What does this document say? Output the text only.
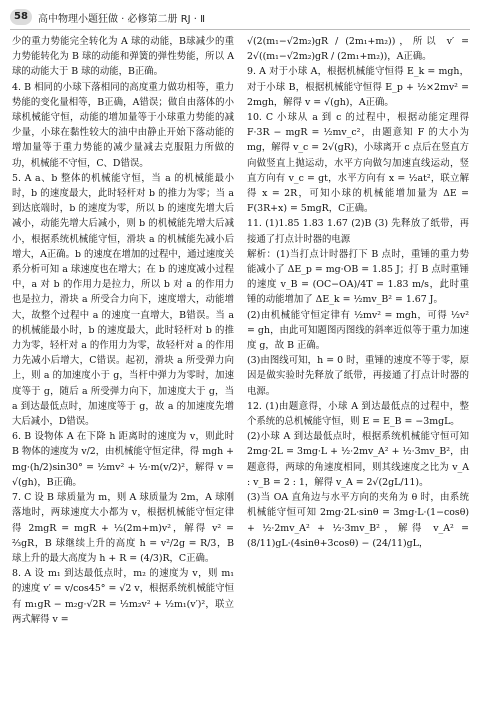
58	高中物理小题狂做 · 必修第二册 RJ · Ⅱ

少的重力势能完全转化为 A 球的动能，B球减少的重力势能转化为 B 球的动能和弹簧的弹性势能，所以 A 球的动能大于 B 球的动能，B正确。

4. B 相同的小球下落相同的高度重力做功相等，重力势能的变化量相等，B正确，A错误；做自由落体的小球机械能守恒，动能的增加量等于小球重力势能的减少量，小球在黏性较大的油中由静止开始下落动能的增加量等于重力势能的减少量减去克服阻力所做的功，机械能不守恒，C、D错误。

5. A a、b 整体的机械能守恒，当 a 的机械能最小时，b 的速度最大，此时轻杆对 b 的推力为零；当 a 到达底端时，b 的速度为零，所以 b 的速度先增大后减小，动能先增大后减小，则 b 的机械能先增大后减小，根据系统机械能守恒，滑块 a 的机械能先减小后增大，A正确。b 的速度在增加的过程中，通过速度关系分析可知 a 球速度也在增大；在 b 的速度减小过程中，a 对 b 的作用力是拉力，所以 b 对 a 的作用力也是拉力，滑块 a 所受合力向下，速度增大，动能增大，故整个过程中 a 的速度一直增大，B错误。当 a 的机械能最小时，b 的速度最大，此时轻杆对 b 的推力为零，轻杆对 a 的作用力为零，故轻杆对 a 的作用力先减小后增大，C错误。起初，滑块 a 所受弹力向上，则 a 的加速度小于 g，当杆中弹力为零时，加速度等于 g，随后 a 所受弹力向下，加速度大于 g，当 a 到达最低点时，加速度等于 g，故 a 的加速度先增大后减小，D错误。

6. B 设物体 A 在下降 h 距离时的速度为 v，则此时 B 物体的速度为 v/2，由机械能守恒定律，得 mgh + mg·(h/2)sin30° = ½mv² + ½·m(v/2)²，解得 v = √(gh)，B正确。

7. C 设 B 球质量为 m，则 A 球质量为 2m，A 球刚落地时，两球速度大小都为 v，根据机械能守恒定律得 2mgR = mgR + ½(2m+m)v²，解得 v² = ⅔gR，B 球继续上升的高度 h = v²/2g = R/3，B 球上升的最大高度为 h + R = (4/3)R，C正确。

8. A 设 m₁ 到达最低点时，m₂ 的速度为 v，则 m₁ 的速度 v′ = v/cos45° = √2 v，根据系统机械能守恒有 m₁gR − m₂g·√2R = ½m₂v² + ½m₁(v′)²，联立两式解得 v =

√(2(m₁−√2m₂)gR / (2m₁+m₂))，所以 v′ = 2√((m₁−√2m₂)gR / (2m₁+m₂))，A正确。

9. A 对于小球 A，根据机械能守恒得 E_k = mgh，对于小球 B，根据机械能守恒得 E_p + ½×2mv² = 2mgh，解得 v = √(gh)，A正确。

10. C 小球从 a 到 c 的过程中，根据动能定理得 F·3R − mgR = ½mv_c²，由题意知 F 的大小为 mg，解得 v_c = 2√(gR)，小球离开 c 点后在竖直方向做竖直上抛运动，水平方向做匀加速直线运动，竖直方向有 v_c = gt，水平方向有 x = ½at²，联立解得 x = 2R，可知小球的机械能增加量为 ΔE = F(3R+x) = 5mgR，C正确。

11. (1)1.85 1.83 1.67 (2)B (3) 先释放了纸带，再接通了打点计时器的电源

解析：(1)当打点计时器打下 B 点时，重锤的重力势能减小了 ΔE_p = mg·OB = 1.85 J；打 B 点时重锤的速度 v_B = (OC−OA)/4T = 1.83 m/s，此时重锤的动能增加了 ΔE_k = ½mv_B² = 1.67 J。

(2)由机械能守恒定律有 ½mv² = mgh，可得 ½v² = gh，由此可知题图丙图线的斜率近似等于重力加速度 g，故 B 正确。

(3)由图线可知，h = 0 时，重锤的速度不等于零，原因是做实验时先释放了纸带，再接通了打点计时器的电源。

12. (1)由题意得，小球 A 到达最低点的过程中，整个系统的总机械能守恒，则 E = E_B = −3mgL。

(2)小球 A 到达最低点时，根据系统机械能守恒可知 2mg·2L = 3mg·L + ½·2mv_A² + ½·3mv_B²，由题意得，两球的角速度相同，则其线速度之比为 v_A : v_B = 2 : 1，解得 v_A = 2√(2gL/11)。

(3)当 OA 直角边与水平方向的夹角为 θ 时，由系统机械能守恒可知 2mg·2L·sinθ = 3mg·L·(1−cosθ) + ½·2mv_A² + ½·3mv_B²，解得 v_A² = (8/11)gL·(4sinθ+3cosθ) − (24/11)gL，
